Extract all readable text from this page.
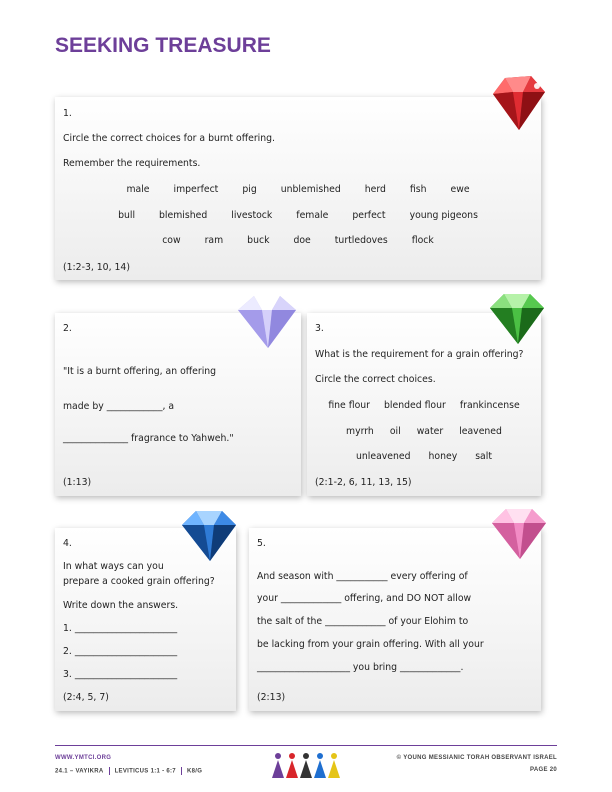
SEEKING TREASURE
1.
Circle the correct choices for a burnt offering.
Remember the requirements.
male	imperfect	pig	unblemished	herd	fish	ewe
bull	blemished	livestock	female	perfect	young pigeons
cow	ram	buck	doe	turtledoves	flock
(1:2-3, 10, 14)
2.
"It is a burnt offering, an offering
made by ____________, a
______________ fragrance to Yahweh."
(1:13)
3.
What is the requirement for a grain offering?
Circle the correct choices.
fine flour blended flour frankincense
myrrh oil water leavened
unleavened honey salt
(2:1-2, 6, 11, 13, 15)
4.
In what ways can you
prepare a cooked grain offering?
Write down the answers.
1. ______________________
2. ______________________
3. ______________________
(2:4, 5, 7)
5.
And season with ___________ every offering of
your _____________ offering, and DO NOT allow
the salt of the _____________ of your Elohim to
be lacking from your grain offering. With all your
____________________ you bring _____________.
(2:13)
WWW.YMTCI.ORG
24.1 – VAYIKRA LEVITICUS 1:1 - 6:7 K8/G
© YOUNG MESSIANIC TORAH OBSERVANT ISRAEL
PAGE 20
